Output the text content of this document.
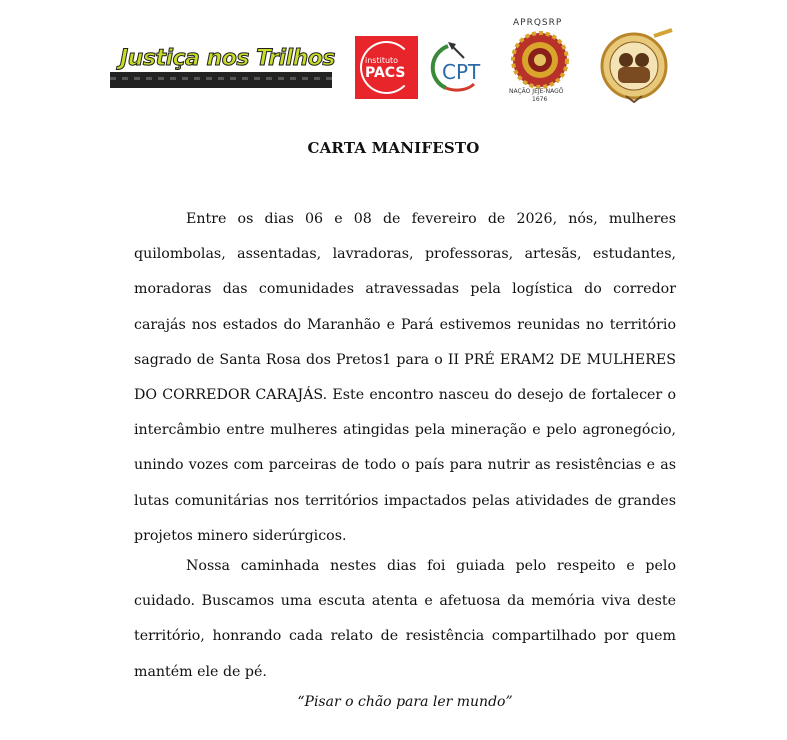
Justiça nos Trilhos	instituto
PACS CPT
APRQSRP
NAÇÃO JEJE-NAGÔ
1676
CARTA MANIFESTO

Entre os dias 06 e 08 de fevereiro de 2026, nós, mulheres quilombolas, assentadas, lavradoras, professoras, artesãs, estudantes, moradoras das comunidades atravessadas pela logística do corredor carajás nos estados do Maranhão e Pará estivemos reunidas no território sagrado de Santa Rosa dos Pretos1 para o II PRÉ ERAM2 DE MULHERES DO CORREDOR CARAJÁS. Este encontro nasceu do desejo de fortalecer o intercâmbio entre mulheres atingidas pela mineração e pelo agronegócio, unindo vozes com parceiras de todo o país para nutrir as resistências e as lutas comunitárias nos territórios impactados pelas atividades de grandes projetos minero siderúrgicos.

Nossa caminhada nestes dias foi guiada pelo respeito e pelo cuidado. Buscamos uma escuta atenta e afetuosa da memória viva deste território, honrando cada relato de resistência compartilhado por quem mantém ele de pé.

“Pisar o chão para ler mundo”
